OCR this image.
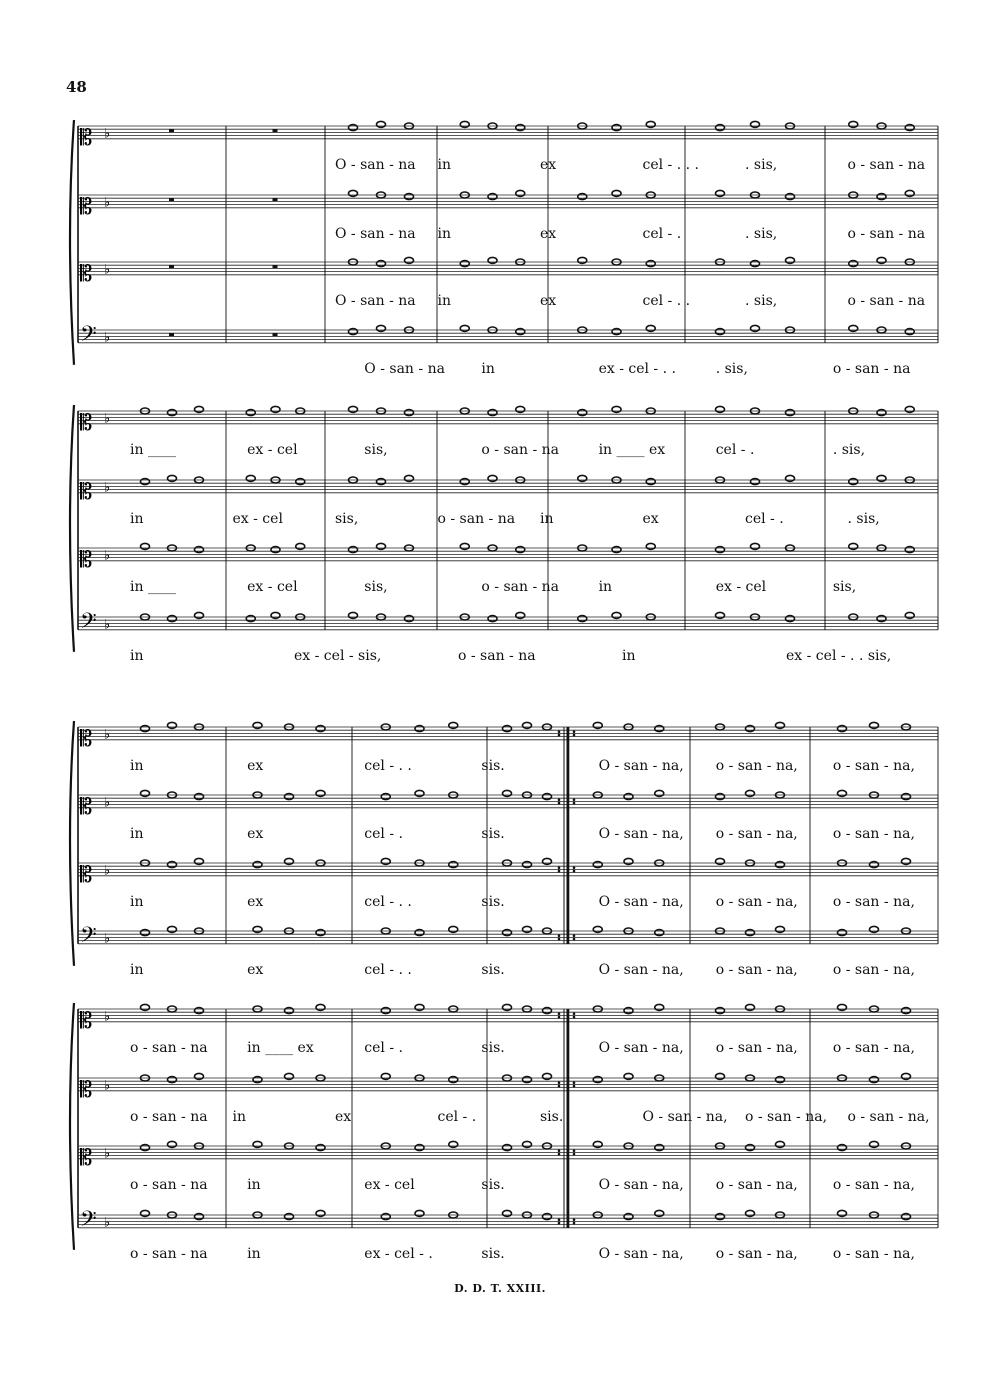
48
𝄡 ♭
O - san - na in	ex	cel - . . .	. sis,	o - san - na
𝄡 ♭
O - san - na in	ex	cel - .	. sis,	o - san - na
𝄡 ♭
O - san - na in	ex	cel - . .	. sis,	o - san - na
𝄢 ♭
O - san - na	in	ex - cel - . .	. sis,	o - san - na
𝄡 ♭
in ____	ex - cel	sis,	o - san - na	in ____ ex	cel - .	. sis,
𝄡 ♭
in	ex - cel	sis,	o - san - na in	ex	cel - .	. sis,
𝄡 ♭
in ____	ex - cel	sis,	o - san - na	in	ex - cel	sis,
𝄢 ♭
in	ex - cel - sis,	o - san - na	in	ex - cel - . . sis,
𝄡 ♭
in	ex	cel - . .	sis.	O - san - na, o - san - na,	o - san - na,
𝄡 ♭
in	ex	cel - .	sis.	O - san - na, o - san - na,	o - san - na,
𝄡 ♭
in	ex	cel - . .	sis.	O - san - na, o - san - na,	o - san - na,
𝄢 ♭
in	ex	cel - . .	sis.	O - san - na, o - san - na,	o - san - na,
𝄡 ♭
o - san - na	in ____ ex	cel - .	sis.	O - san - na, o - san - na,	o - san - na,
𝄡 ♭
o - san - na in	ex	cel - .	sis.	O - san - na, o - san - na, o - san - na,
𝄡 ♭
o - san - na	in	ex - cel	sis.	O - san - na, o - san - na,	o - san - na,
𝄢 ♭
o - san - na	in	ex - cel - .	sis.	O - san - na, o - san - na,	o - san - na,
D. D. T. XXIII.
